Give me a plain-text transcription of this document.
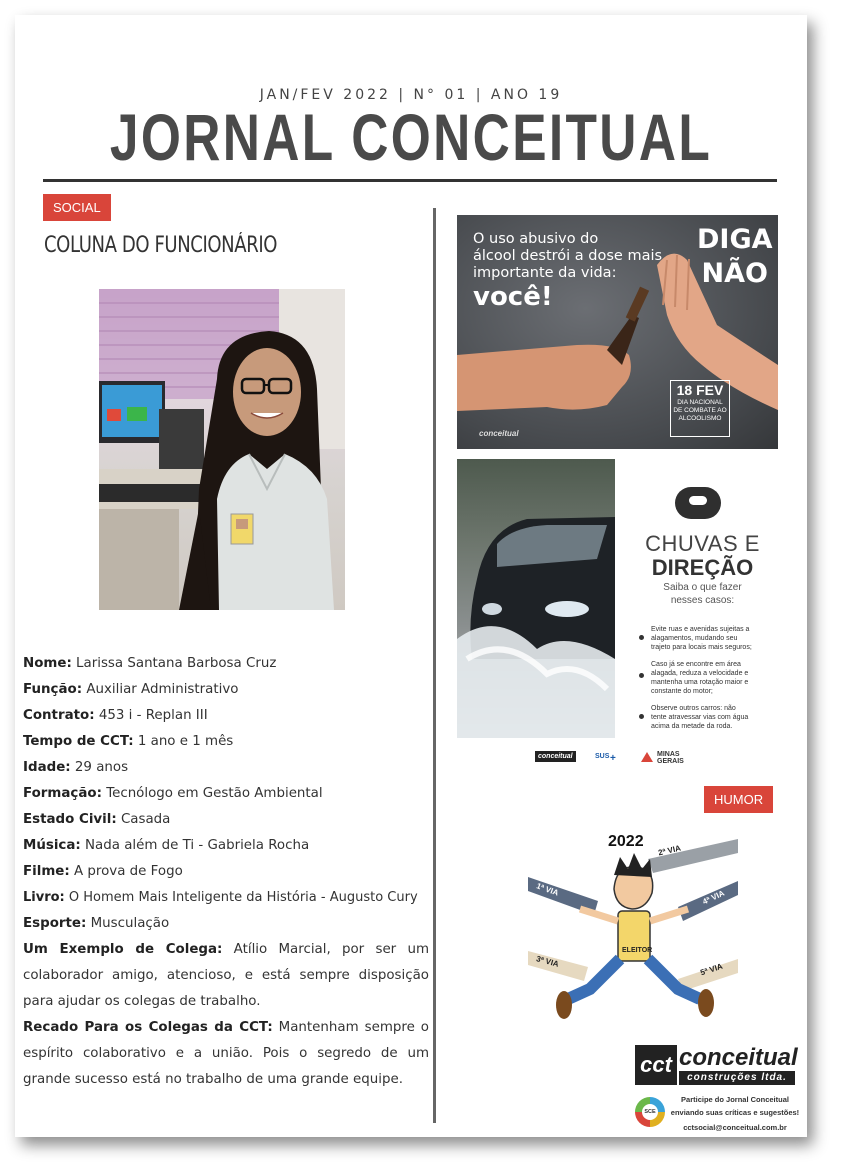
JAN/FEV 2022 | N° 01 | ANO 19
JORNAL CONCEITUAL
SOCIAL
COLUNA DO FUNCIONÁRIO

Nome: Larissa Santana Barbosa Cruz

Função: Auxiliar Administrativo

Contrato: 453 i - Replan III

Tempo de CCT: 1 ano e 1 mês

Idade: 29 anos

Formação: Tecnólogo em Gestão Ambiental

Estado Civil: Casada

Música: Nada além de Ti - Gabriela Rocha

Filme: A prova de Fogo

Livro: O Homem Mais Inteligente da História - Augusto Cury

Esporte: Musculação

Um Exemplo de Colega: Atílio Marcial, por ser um colaborador amigo, atencioso, e está sempre disposição para ajudar os colegas de trabalho.

Recado Para os Colegas da CCT: Mantenham sempre o espírito colaborativo e a união. Pois o segredo de um grande sucesso está no trabalho de uma grande equipe.

O uso abusivo do
álcool destrói a dose mais
importante da vida:
você!
DIGA
NÃO
18 FEV
DIA NACIONAL
DE COMBATE AO
ALCOOLISMO
conceitual
CHUVAS E
DIREÇÃO
Saiba o que fazer
nesses casos:
Evite ruas e avenidas sujeitas a
alagamentos, mudando seu
trajeto para locais mais seguros;
Caso já se encontre em área
alagada, reduza a velocidade e
mantenha uma rotação maior e
constante do motor;
Observe outros carros: não
tente atravessar vias com água
acima da metade da roda.
conceitual	SUS +	MINAS
GERAIS
HUMOR
2022
2ª VIA
1ª VIA	4ª VIA
3ª VIA
5ª VIA
ELEITOR
cct conceitual
construções ltda.
SCE
Participe do Jornal Conceitual
enviando suas críticas e sugestões!
cctsocial@conceitual.com.br
